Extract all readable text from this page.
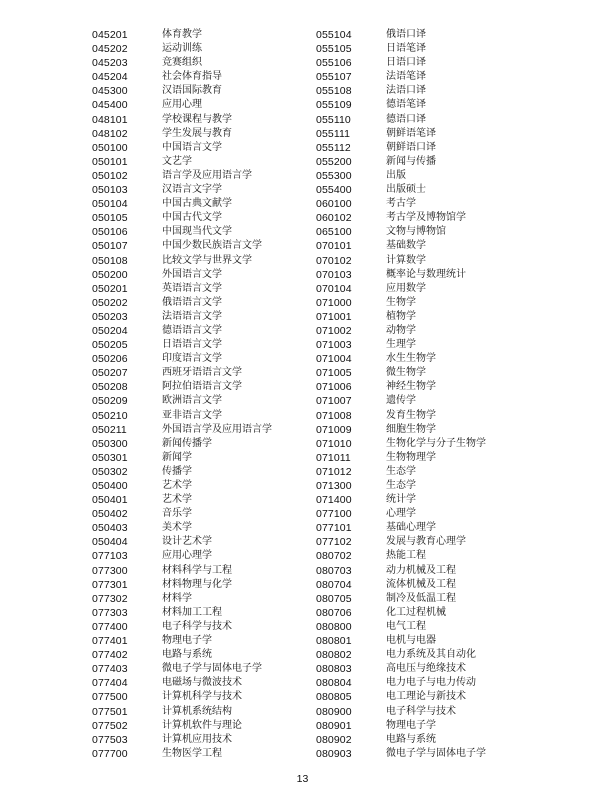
045201	体育教学
045202	运动训练
045203	竞赛组织
045204	社会体育指导
045300	汉语国际教育
045400	应用心理
048101	学校课程与教学
048102	学生发展与教育
050100	中国语言文学
050101	文艺学
050102	语言学及应用语言学
050103	汉语言文字学
050104	中国古典文献学
050105	中国古代文学
050106	中国现当代文学
050107	中国少数民族语言文学
050108	比较文学与世界文学
050200	外国语言文学
050201	英语语言文学
050202	俄语语言文学
050203	法语语言文学
050204	德语语言文学
050205	日语语言文学
050206	印度语言文学
050207	西班牙语语言文学
050208	阿拉伯语语言文学
050209	欧洲语言文学
050210	亚非语言文学
050211	外国语言学及应用语言学
050300	新闻传播学
050301	新闻学
050302	传播学
050400	艺术学
050401	艺术学
050402	音乐学
050403	美术学
050404	设计艺术学
077103	应用心理学
077300	材料科学与工程
077301	材料物理与化学
077302	材料学
077303	材料加工工程
077400	电子科学与技术
077401	物理电子学
077402	电路与系统
077403	微电子学与固体电子学
077404	电磁场与微波技术
077500	计算机科学与技术
077501	计算机系统结构
077502	计算机软件与理论
077503	计算机应用技术
077700	生物医学工程
055104	俄语口译
055105	日语笔译
055106	日语口译
055107	法语笔译
055108	法语口译
055109	德语笔译
055110	德语口译
055111	朝鲜语笔译
055112	朝鲜语口译
055200	新闻与传播
055300	出版
055400	出版硕士
060100	考古学
060102	考古学及博物馆学
065100	文物与博物馆
070101	基础数学
070102	计算数学
070103	概率论与数理统计
070104	应用数学
071000	生物学
071001	植物学
071002	动物学
071003	生理学
071004	水生生物学
071005	微生物学
071006	神经生物学
071007	遗传学
071008	发育生物学
071009	细胞生物学
071010	生物化学与分子生物学
071011	生物物理学
071012	生态学
071300	生态学
071400	统计学
077100	心理学
077101	基础心理学
077102	发展与教育心理学
080702	热能工程
080703	动力机械及工程
080704	流体机械及工程
080705	制冷及低温工程
080706	化工过程机械
080800	电气工程
080801	电机与电器
080802	电力系统及其自动化
080803	高电压与绝缘技术
080804	电力电子与电力传动
080805	电工理论与新技术
080900	电子科学与技术
080901	物理电子学
080902	电路与系统
080903	微电子学与固体电子学
13
